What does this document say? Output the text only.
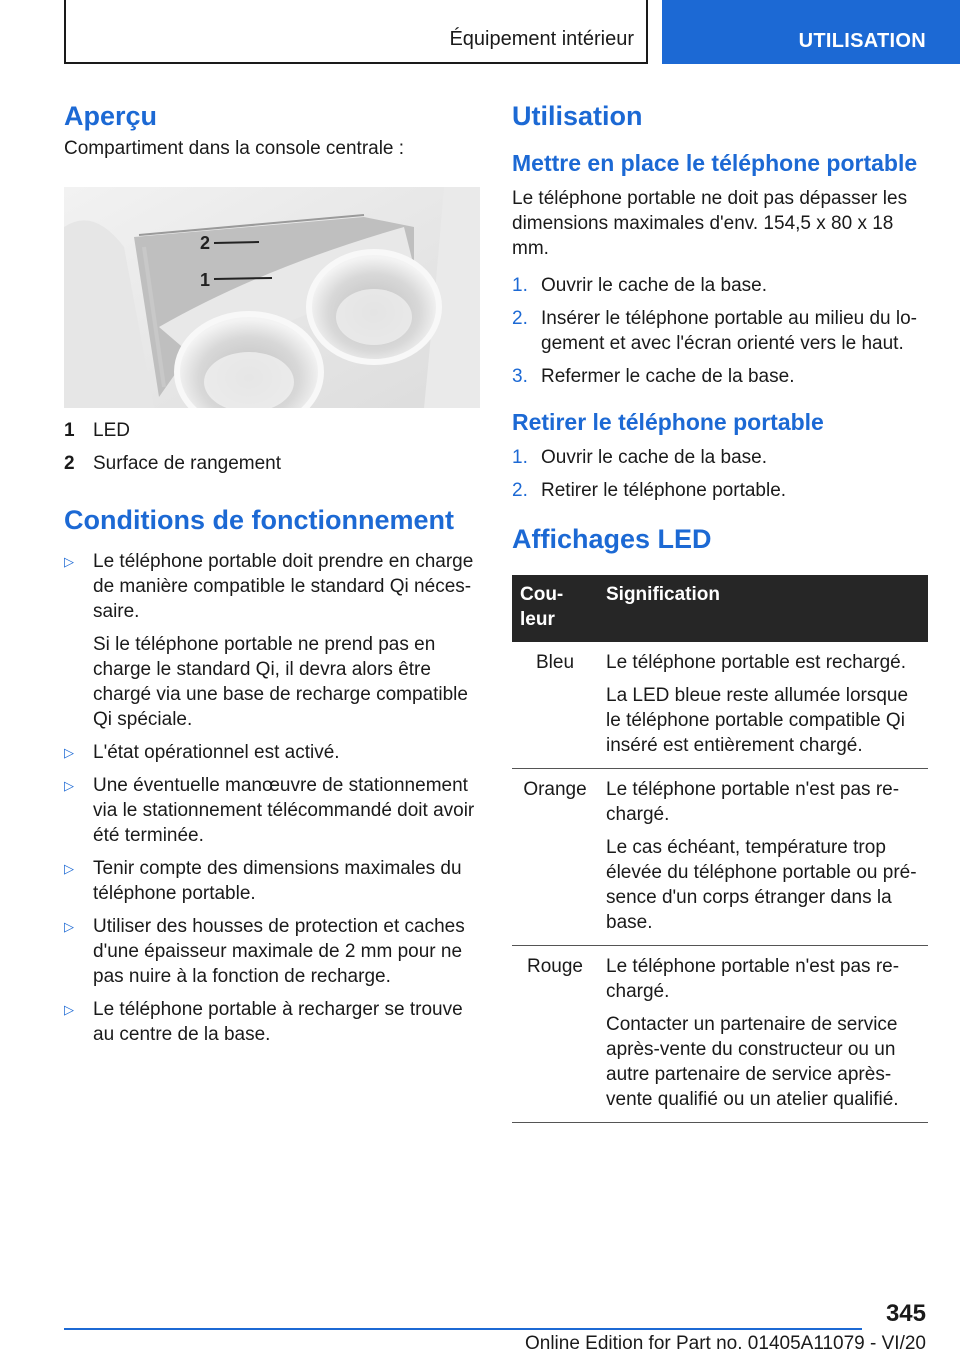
Équipement intérieur	UTILISATION
Aperçu

Compartiment dans la console centrale :

2
1
1 LED
2 Surface de rangement
Conditions de fonctionnement
▷	Le téléphone portable doit prendre en charge de manière compatible le standard Qi néces‐saire.

Si le téléphone portable ne prend pas en charge le standard Qi, il devra alors être chargé via une base de recharge compatible Qi spéciale.

▷	L'état opérationnel est activé.

▷	Une éventuelle manœuvre de stationnement via le stationnement télécommandé doit avoir été terminée.

▷	Tenir compte des dimensions maximales du téléphone portable.

▷	Utiliser des housses de protection et caches d'une épaisseur maximale de 2 mm pour ne pas nuire à la fonction de recharge.

▷	Le téléphone portable à recharger se trouve au centre de la base.

Utilisation
Mettre en place le téléphone portable

Le téléphone portable ne doit pas dépasser les dimensions maximales d'env. 154,5 x 80 x 18 mm.

1. Ouvrir le cache de la base.
2. Insérer le téléphone portable au milieu du lo‐gement et avec l'écran orienté vers le haut.
3. Refermer le cache de la base.
Retirer le téléphone portable
1. Ouvrir le cache de la base.
2. Retirer le téléphone portable.
Affichages LED
Cou‐leur	Signification
Bleu	Le téléphone portable est rechargé.

La LED bleue reste allumée lorsque le téléphone portable compatible Qi inséré est entièrement chargé.

Orange	Le téléphone portable n'est pas re‐chargé.

Le cas échéant, température trop élevée du téléphone portable ou pré‐sence d'un corps étranger dans la base.

Rouge	Le téléphone portable n'est pas re‐chargé.

Contacter un partenaire de service après-vente du constructeur ou un autre partenaire de service après-vente qualifié ou un atelier qualifié.

345
Online Edition for Part no. 01405A11079 - VI/20
